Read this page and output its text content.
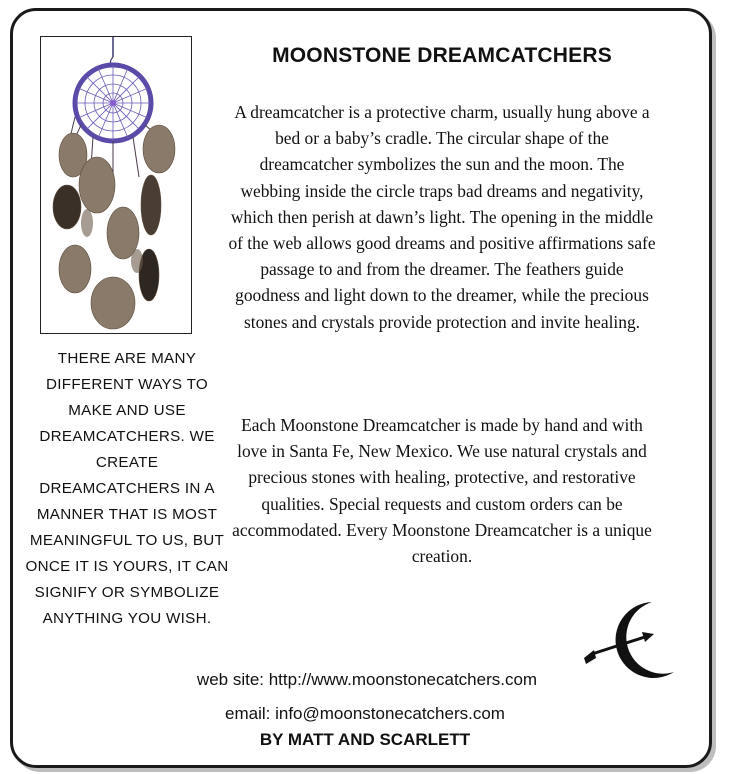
MOONSTONE DREAMCATCHERS

A dreamcatcher is a protective charm, usually hung above a bed or a baby’s cradle. The circular shape of the dreamcatcher symbolizes the sun and the moon. The webbing inside the circle traps bad dreams and negativity, which then perish at dawn’s light. The opening in the middle of the web allows good dreams and positive affirmations safe passage to and from the dreamer. The feathers guide goodness and light down to the dreamer, while the precious stones and crystals provide protection and invite healing.

Each Moonstone Dreamcatcher is made by hand and with love in Santa Fe, New Mexico. We use natural crystals and precious stones with healing, protective, and restorative qualities. Special requests and custom orders can be accommodated. Every Moonstone Dreamcatcher is a unique creation.

THERE ARE MANY DIFFERENT WAYS TO MAKE AND USE DREAMCATCHERS. WE CREATE DREAMCATCHERS IN A MANNER THAT IS MOST MEANINGFUL TO US, BUT ONCE IT IS YOURS, IT CAN SIGNIFY OR SYMBOLIZE ANYTHING YOU WISH.

web site: http://www.moonstonecatchers.com
email: info@moonstonecatchers.com
BY MATT AND SCARLETT
